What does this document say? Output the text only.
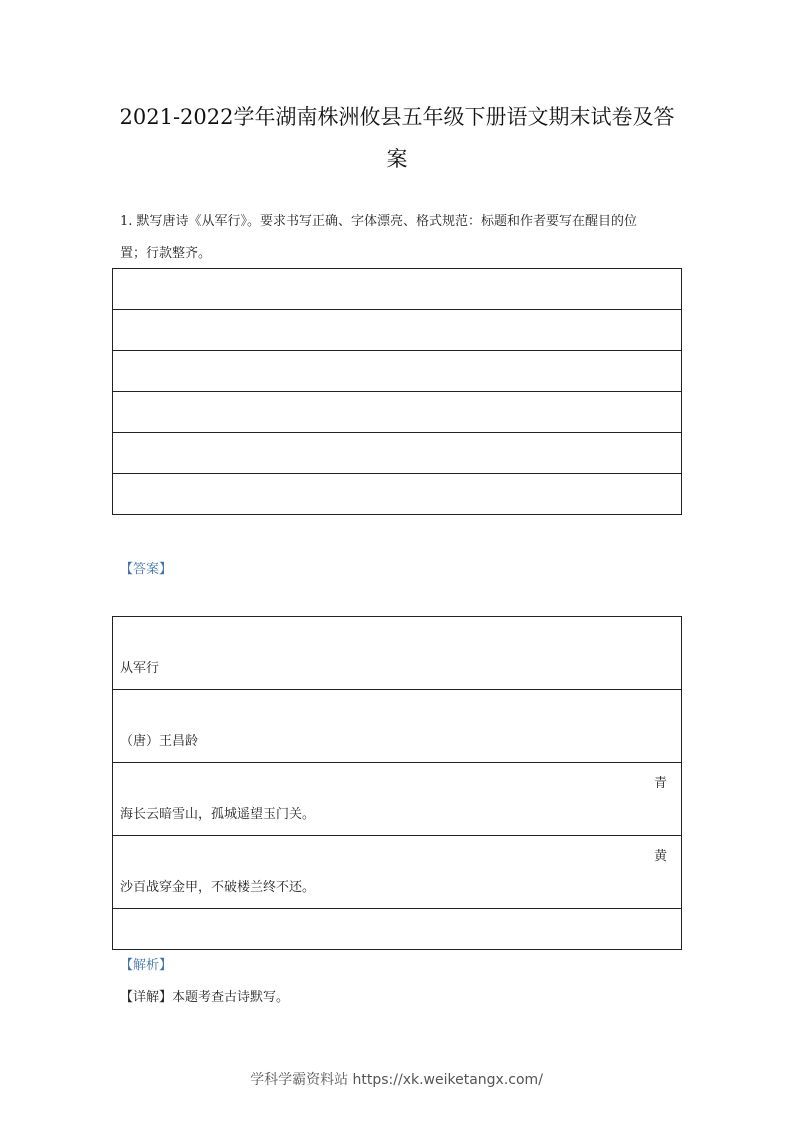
2021-2022学年湖南株洲攸县五年级下册语文期末试卷及答
案
1. 默写唐诗《从军行》。要求书写正确、字体漂亮、格式规范：标题和作者要写在醒目的位
置；行款整齐。

【答案】
从军行

（唐）王昌龄

青
海长云暗雪山，孤城遥望玉门关。

黄
沙百战穿金甲，不破楼兰终不还。

【解析】
【详解】本题考查古诗默写。
学科学霸资料站 https://xk.weiketangx.com/
